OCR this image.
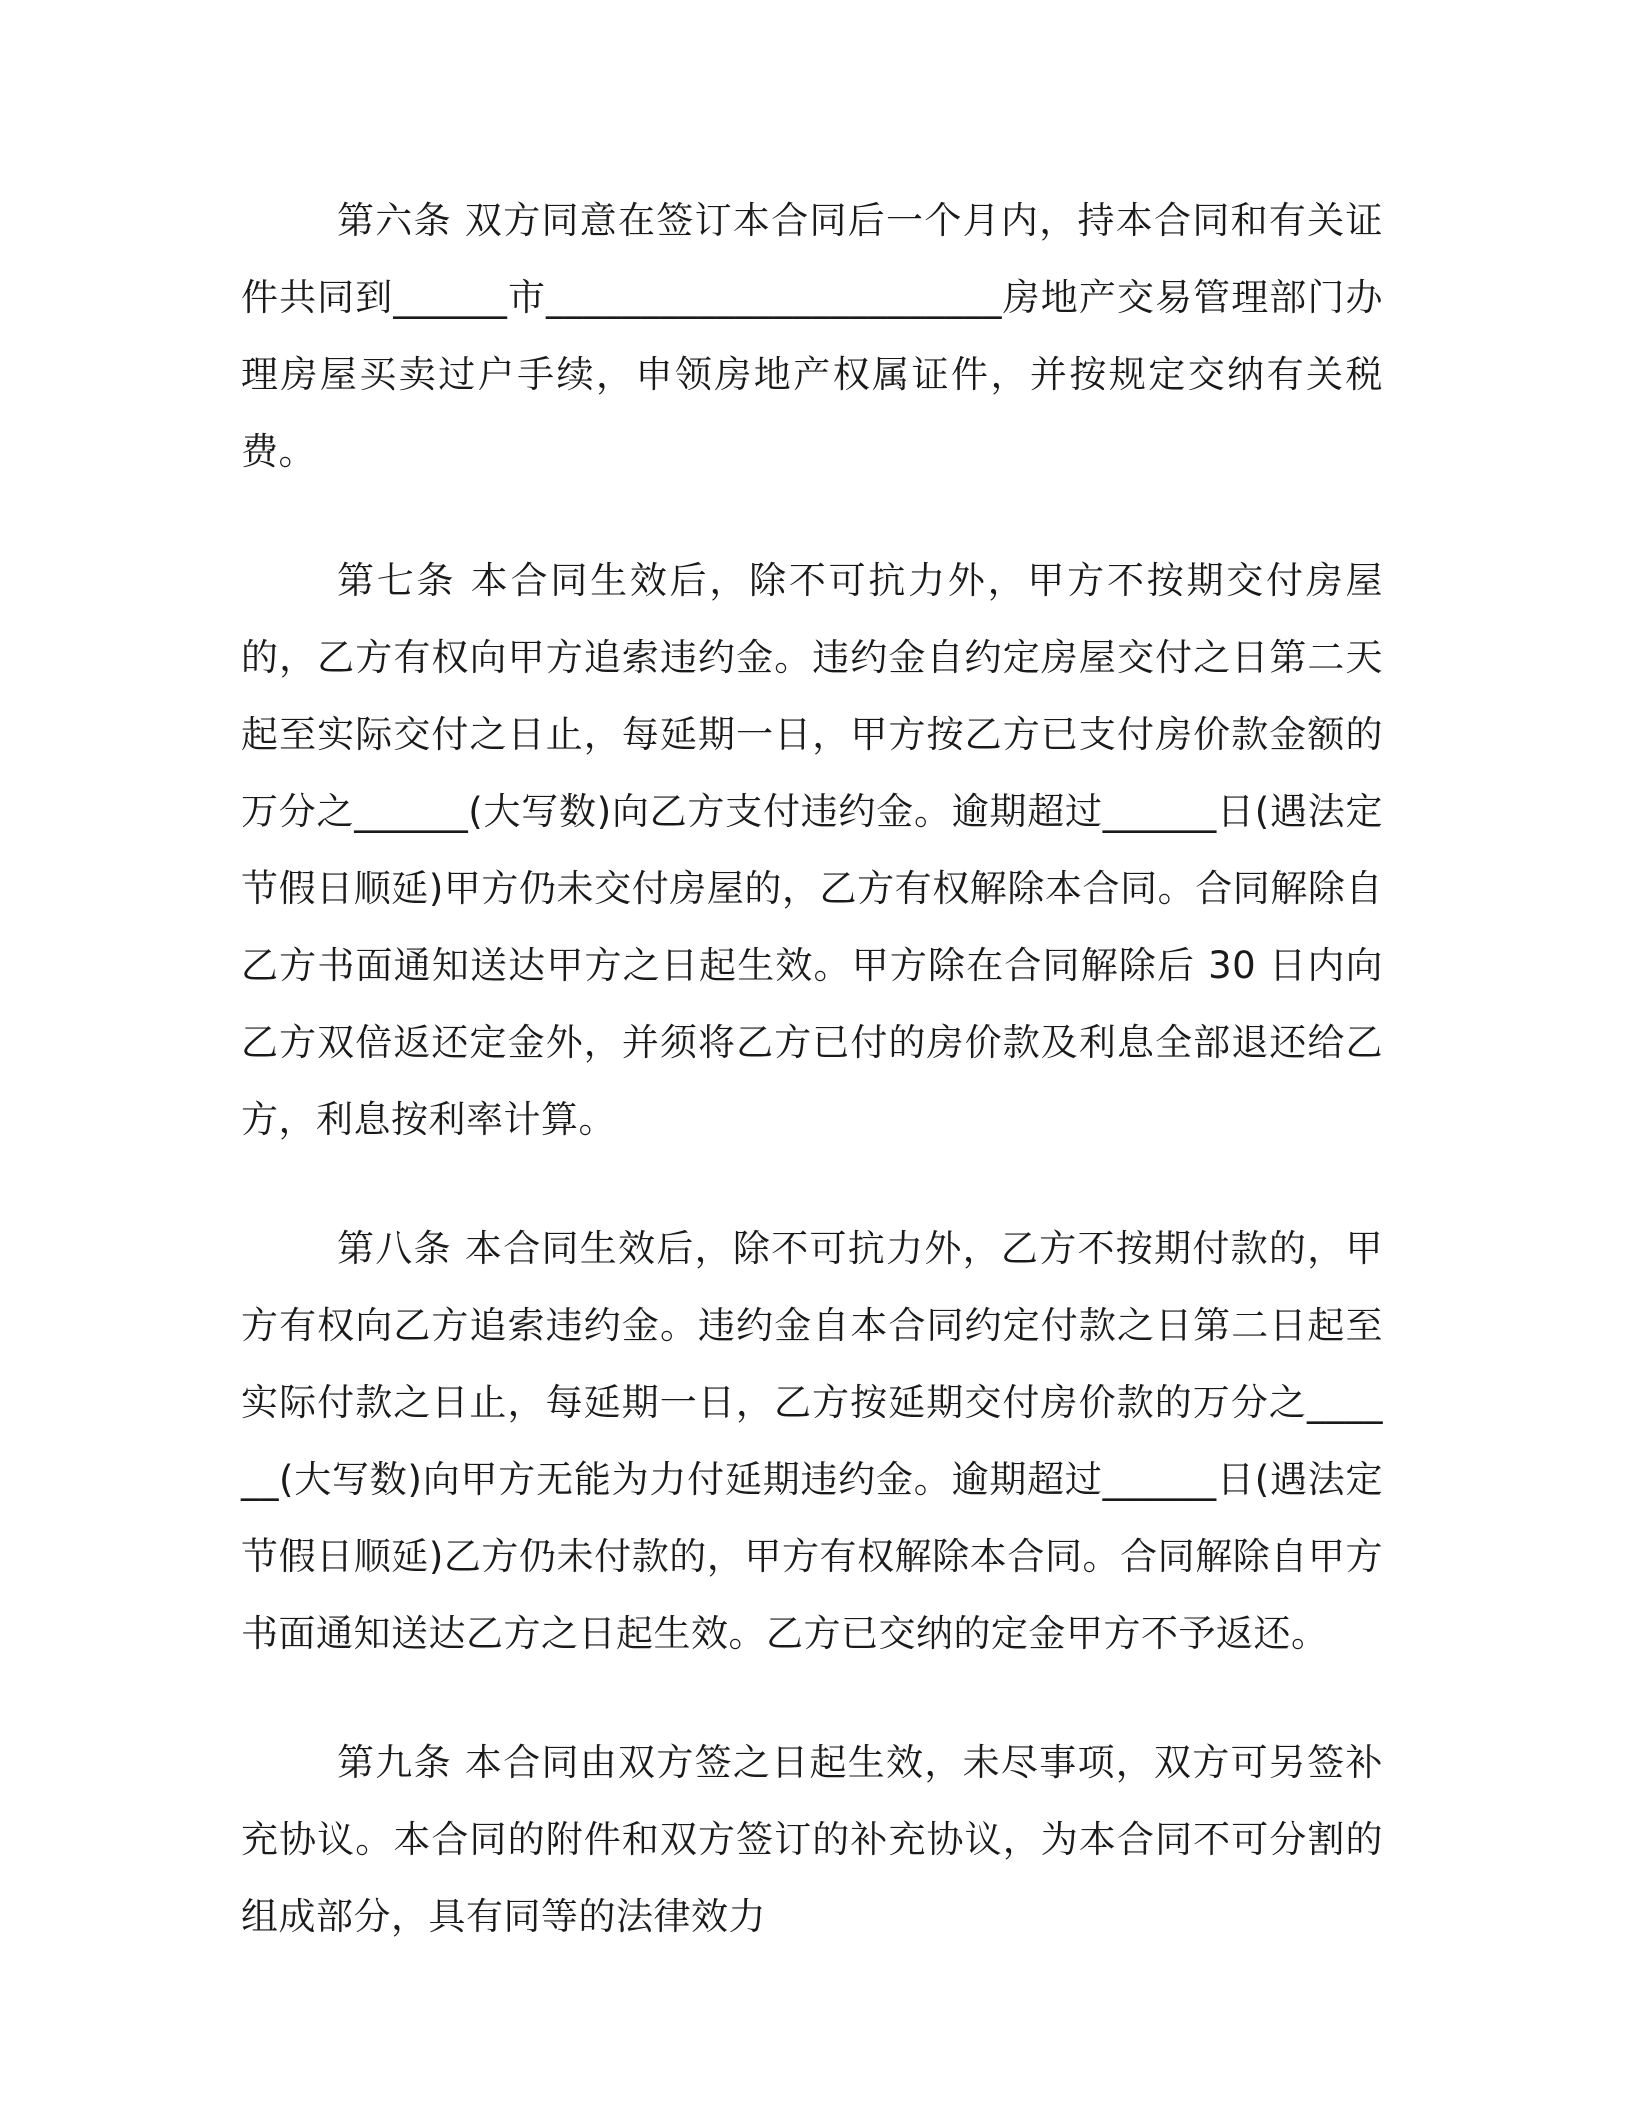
第六条 双方同意在签订本合同后一个月内，持本合同和有关证件共同到______市________________________房地产交易管理部门办理房屋买卖过户手续，申领房地产权属证件，并按规定交纳有关税费。

第七条 本合同生效后，除不可抗力外，甲方不按期交付房屋的，乙方有权向甲方追索违约金。违约金自约定房屋交付之日第二天起至实际交付之日止，每延期一日，甲方按乙方已支付房价款金额的万分之______(大写数)向乙方支付违约金。逾期超过______日(遇法定节假日顺延)甲方仍未交付房屋的，乙方有权解除本合同。合同解除自乙方书面通知送达甲方之日起生效。甲方除在合同解除后 30 日内向乙方双倍返还定金外，并须将乙方已付的房价款及利息全部退还给乙方，利息按利率计算。

第八条 本合同生效后，除不可抗力外，乙方不按期付款的，甲方有权向乙方追索违约金。违约金自本合同约定付款之日第二日起至实际付款之日止，每延期一日，乙方按延期交付房价款的万分之______(大写数)向甲方无能为力付延期违约金。逾期超过______日(遇法定节假日顺延)乙方仍未付款的，甲方有权解除本合同。合同解除自甲方书面通知送达乙方之日起生效。乙方已交纳的定金甲方不予返还。

第九条 本合同由双方签之日起生效，未尽事项，双方可另签补充协议。本合同的附件和双方签订的补充协议，为本合同不可分割的组成部分，具有同等的法律效力
